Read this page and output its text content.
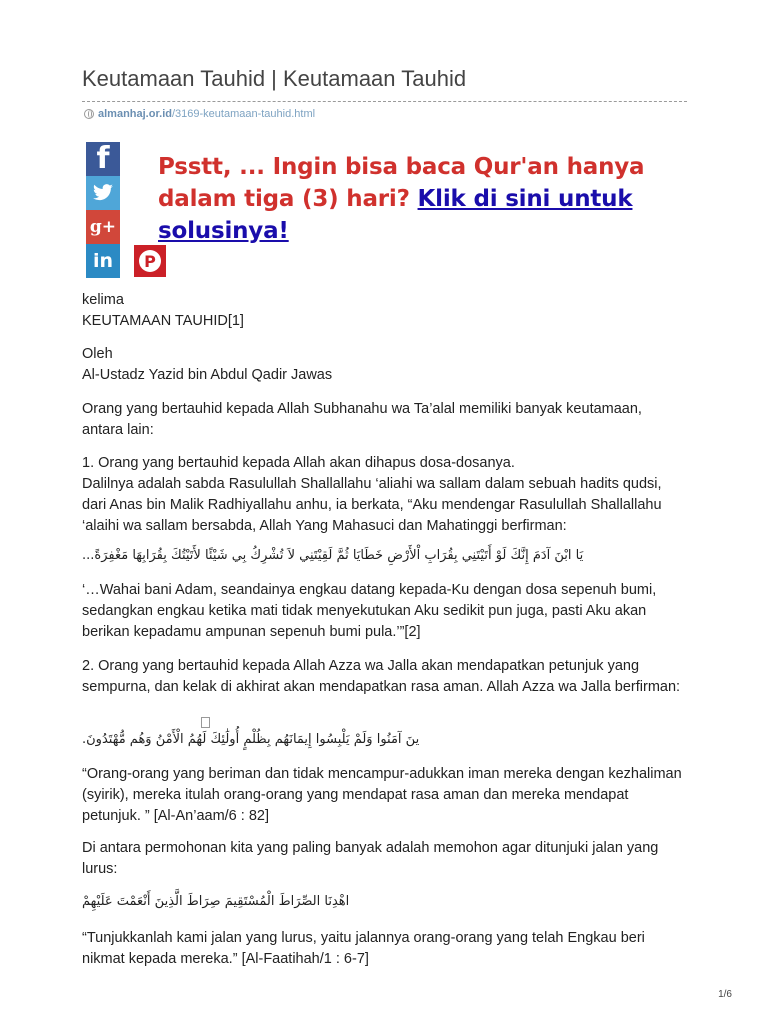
Keutamaan Tauhid | Keutamaan Tauhid
almanhaj.or.id/3169-keutamaan-tauhid.html
f
g+
in P
Psstt, ... Ingin bisa baca Qur'an hanya dalam tiga (3) hari? Klik di sini untuk solusinya!

kelima

KEUTAMAAN TAUHID[1]

Oleh

Al-Ustadz Yazid bin Abdul Qadir Jawas

Orang yang bertauhid kepada Allah Subhanahu wa Ta’alal memiliki banyak keutamaan, antara lain:

1. Orang yang bertauhid kepada Allah akan dihapus dosa-dosanya.

Dalilnya adalah sabda Rasulullah Shallallahu ‘aliahi wa sallam dalam sebuah hadits qudsi, dari Anas bin Malik Radhiyallahu anhu, ia berkata, “Aku mendengar Rasulullah Shallallahu ‘alaihi wa sallam bersabda, Allah Yang Mahasuci dan Mahatinggi berfirman:

يَا ابْنَ آدَمَ إِنَّكَ لَوْ أَتَيْتَنِي بِقُرَابِ اْلأَرْضِ خَطَايَا ثُمَّ لَقِيْتَنِي لاَ تُشْرِكُ بِي شَيْئًا لأَتَيْتُكَ بِقُرَابِهَا مَغْفِرَةً...

‘…Wahai bani Adam, seandainya engkau datang kepada-Ku dengan dosa sepenuh bumi, sedangkan engkau ketika mati tidak menyekutukan Aku sedikit pun juga, pasti Aku akan berikan kepadamu ampunan sepenuh bumi pula.’”[2]

2. Orang yang bertauhid kepada Allah Azza wa Jalla akan mendapatkan petunjuk yang sempurna, dan kelak di akhirat akan mendapatkan rasa aman. Allah Azza wa Jalla berfirman:

ينَ آمَنُوا وَلَمْ يَلْبِسُوا إِيمَانَهُم بِظُلْمٍ أُولَٰئِكَ لَهُمُ الْأَمْنُ وَهُم مُّهْتَدُونَ.

“Orang-orang yang beriman dan tidak mencampur-adukkan iman mereka dengan kezhaliman (syirik), mereka itulah orang-orang yang mendapat rasa aman dan mereka mendapat petunjuk. ” [Al-An’aam/6 : 82]

Di antara permohonan kita yang paling banyak adalah memohon agar ditunjuki jalan yang lurus:

اهْدِنَا الصِّرَاطَ الْمُسْتَقِيمَ صِرَاطَ الَّذِينَ أَنْعَمْتَ عَلَيْهِمْ

“Tunjukkanlah kami jalan yang lurus, yaitu jalannya orang-orang yang telah Engkau beri nikmat kepada mereka.” [Al-Faatihah/1 : 6-7]

1/6
